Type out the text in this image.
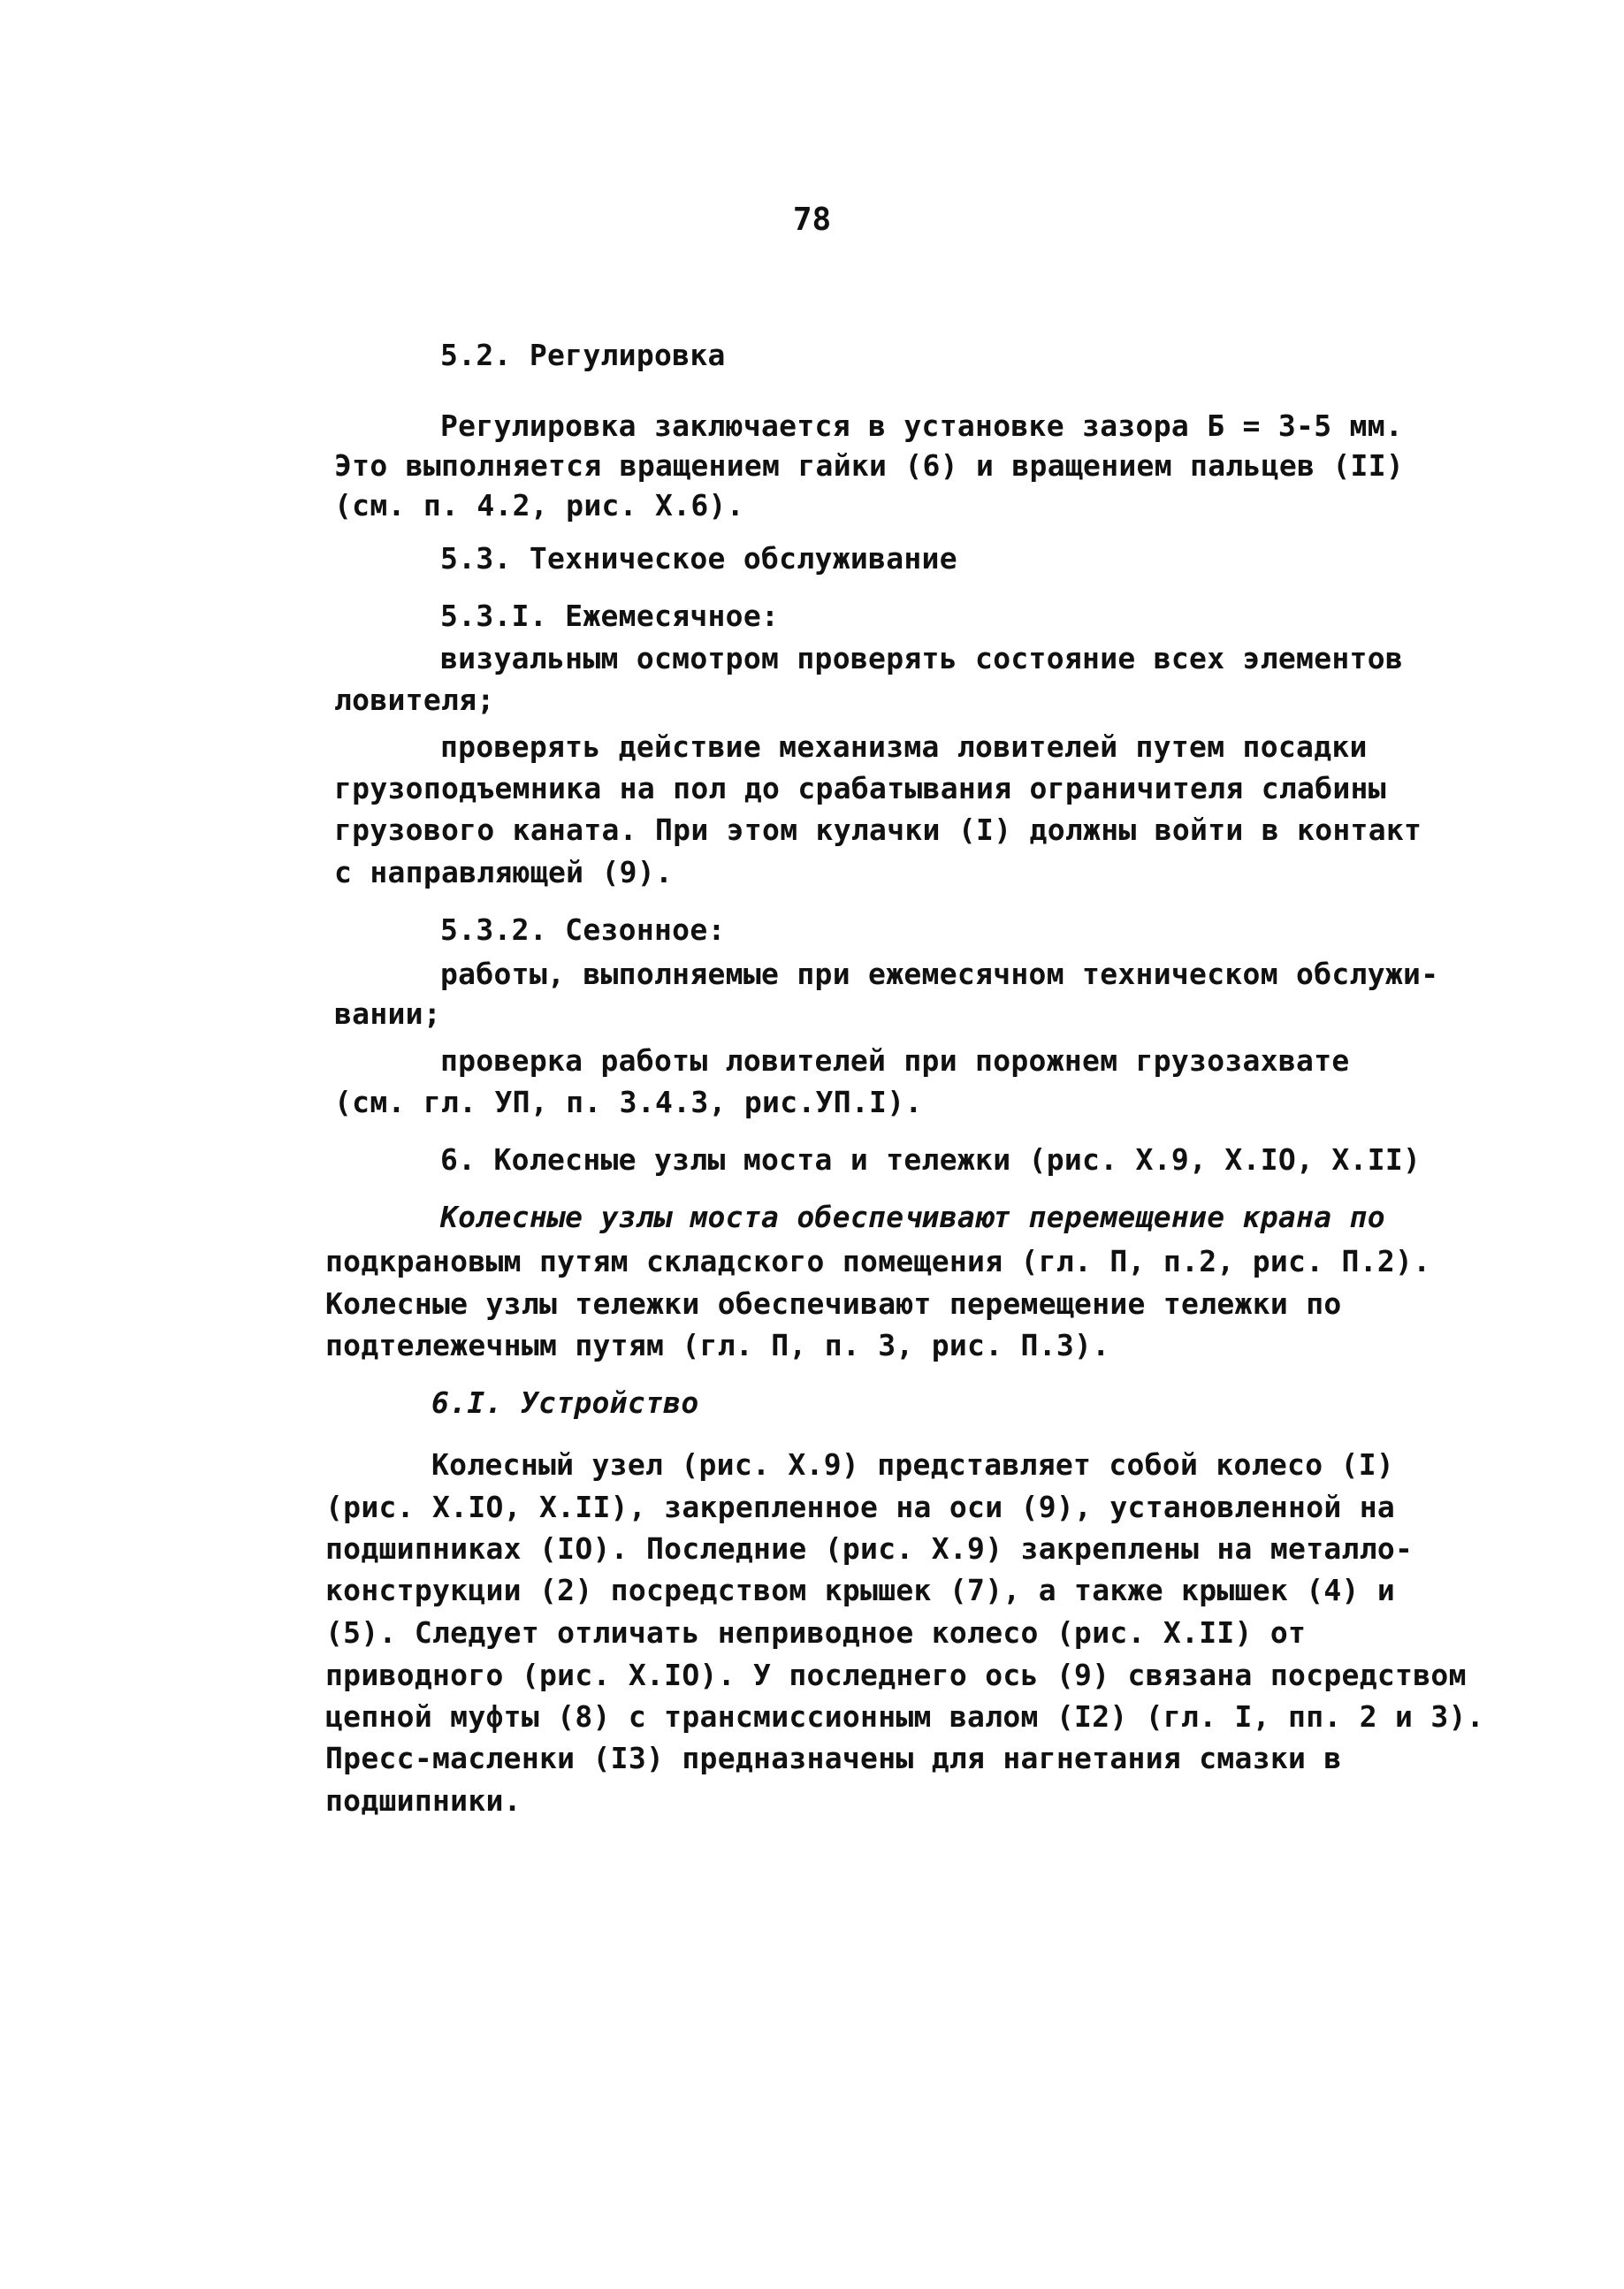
78
5.2. Регулировка
Регулировка заключается в установке зазора Б = 3-5 мм.
Это выполняется вращением гайки (6) и вращением пальцев (II)
(см. п. 4.2, рис. X.6).
5.3. Техническое обслуживание
5.3.I. Ежемесячное:
визуальным осмотром проверять состояние всех элементов
ловителя;
проверять действие механизма ловителей путем посадки
грузоподъемника на пол до срабатывания ограничителя слабины
грузового каната. При этом кулачки (I) должны войти в контакт
с направляющей (9).
5.3.2. Сезонное:
работы, выполняемые при ежемесячном техническом обслужи-
вании;
проверка работы ловителей при порожнем грузозахвате
(см. гл. УП, п. 3.4.3, рис.УП.I).
6. Колесные узлы моста и тележки (рис. X.9, X.IO, X.II)
Колесные узлы моста обеспечивают перемещение крана по
подкрановым путям складского помещения (гл. П, п.2, рис. П.2).
Колесные узлы тележки обеспечивают перемещение тележки по
подтележечным путям (гл. П, п. 3, рис. П.3).
6.I. Устройство
Колесный узел (рис. X.9) представляет собой колесо (I)
(рис. X.IO, X.II), закрепленное на оси (9), установленной на
подшипниках (IO). Последние (рис. X.9) закреплены на металло-
конструкции (2) посредством крышек (7), а также крышек (4) и
(5). Следует отличать неприводное колесо (рис. X.II) от
приводного (рис. X.IO). У последнего ось (9) связана посредством
цепной муфты (8) с трансмиссионным валом (I2) (гл. I, пп. 2 и 3).
Пресс-масленки (I3) предназначены для нагнетания смазки в
подшипники.
